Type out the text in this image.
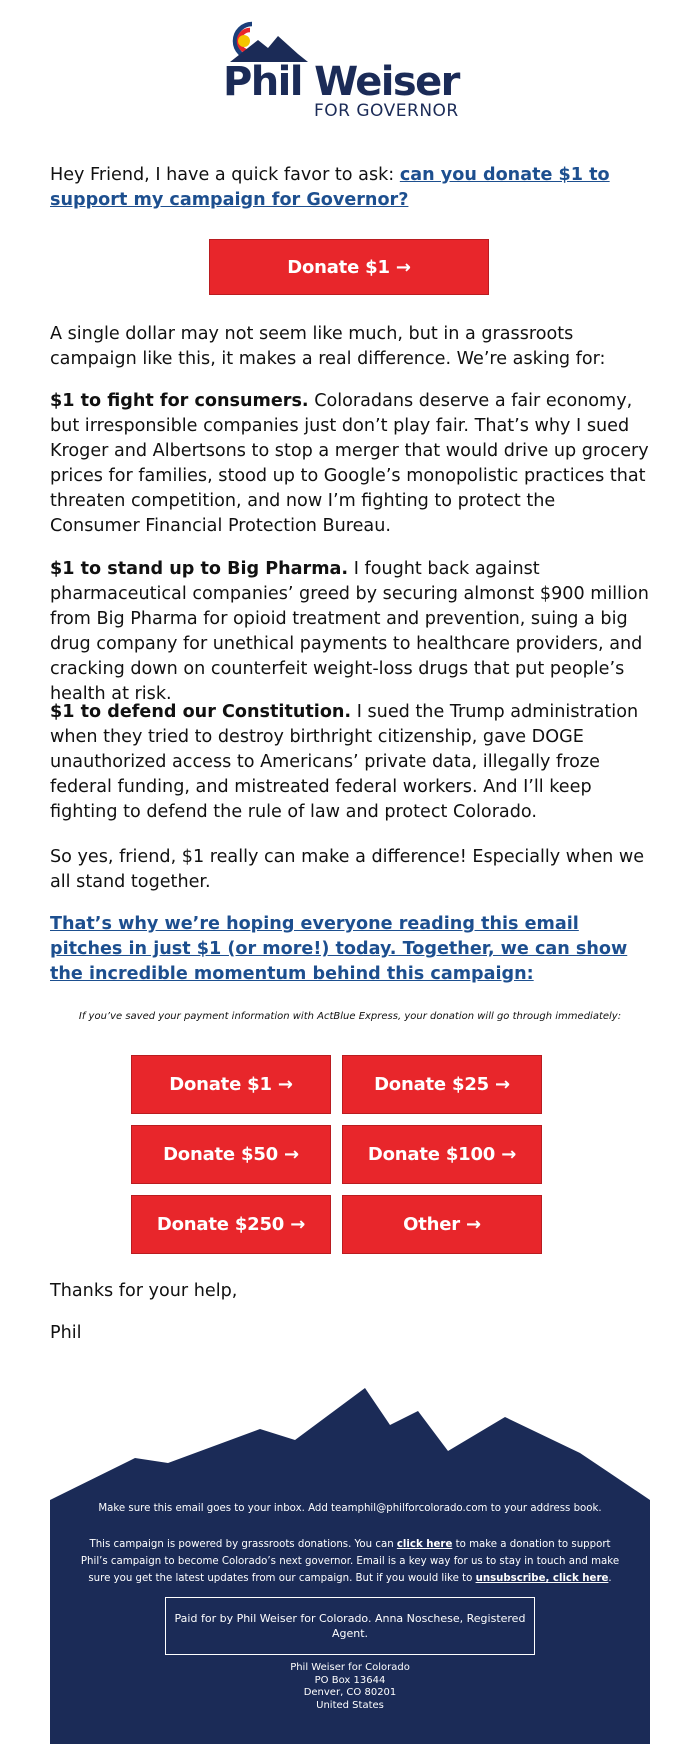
Phil Weiser
FOR GOVERNOR
Hey Friend, I have a quick favor to ask: can you donate $1 to support my campaign for Governor?
Donate $1 →
A single dollar may not seem like much, but in a grassroots campaign like this, it makes a real difference. We’re asking for:
$1 to fight for consumers. Coloradans deserve a fair economy, but irresponsible companies just don’t play fair. That’s why I sued Kroger and Albertsons to stop a merger that would drive up grocery prices for families, stood up to Google’s monopolistic practices that threaten competition, and now I’m fighting to protect the Consumer Financial Protection Bureau.
$1 to stand up to Big Pharma. I fought back against pharmaceutical companies’ greed by securing almonst $900 million from Big Pharma for opioid treatment and prevention, suing a big drug company for unethical payments to healthcare providers, and cracking down on counterfeit weight-loss drugs that put people’s health at risk.
$1 to defend our Constitution. I sued the Trump administration when they tried to destroy birthright citizenship, gave DOGE unauthorized access to Americans’ private data, illegally froze federal funding, and mistreated federal workers. And I’ll keep fighting to defend the rule of law and protect Colorado.
So yes, friend, $1 really can make a difference! Especially when we all stand together.
That’s why we’re hoping everyone reading this email pitches in just $1 (or more!) today. Together, we can show the incredible momentum behind this campaign:
If you’ve saved your payment information with ActBlue Express, your donation will go through immediately:
Donate $1 →	Donate $25 →
Donate $50 →	Donate $100 →
Donate $250 →	Other →
Thanks for your help,
Phil
Make sure this email goes to your inbox. Add teamphil@philforcolorado.com to your address book.
This campaign is powered by grassroots donations. You can click here to make a donation to support Phil’s campaign to become Colorado’s next governor. Email is a key way for us to stay in touch and make sure you get the latest updates from our campaign. But if you would like to unsubscribe, click here.
Paid for by Phil Weiser for Colorado. Anna Noschese, Registered Agent.
Phil Weiser for Colorado
PO Box 13644
Denver, CO 80201
United States
